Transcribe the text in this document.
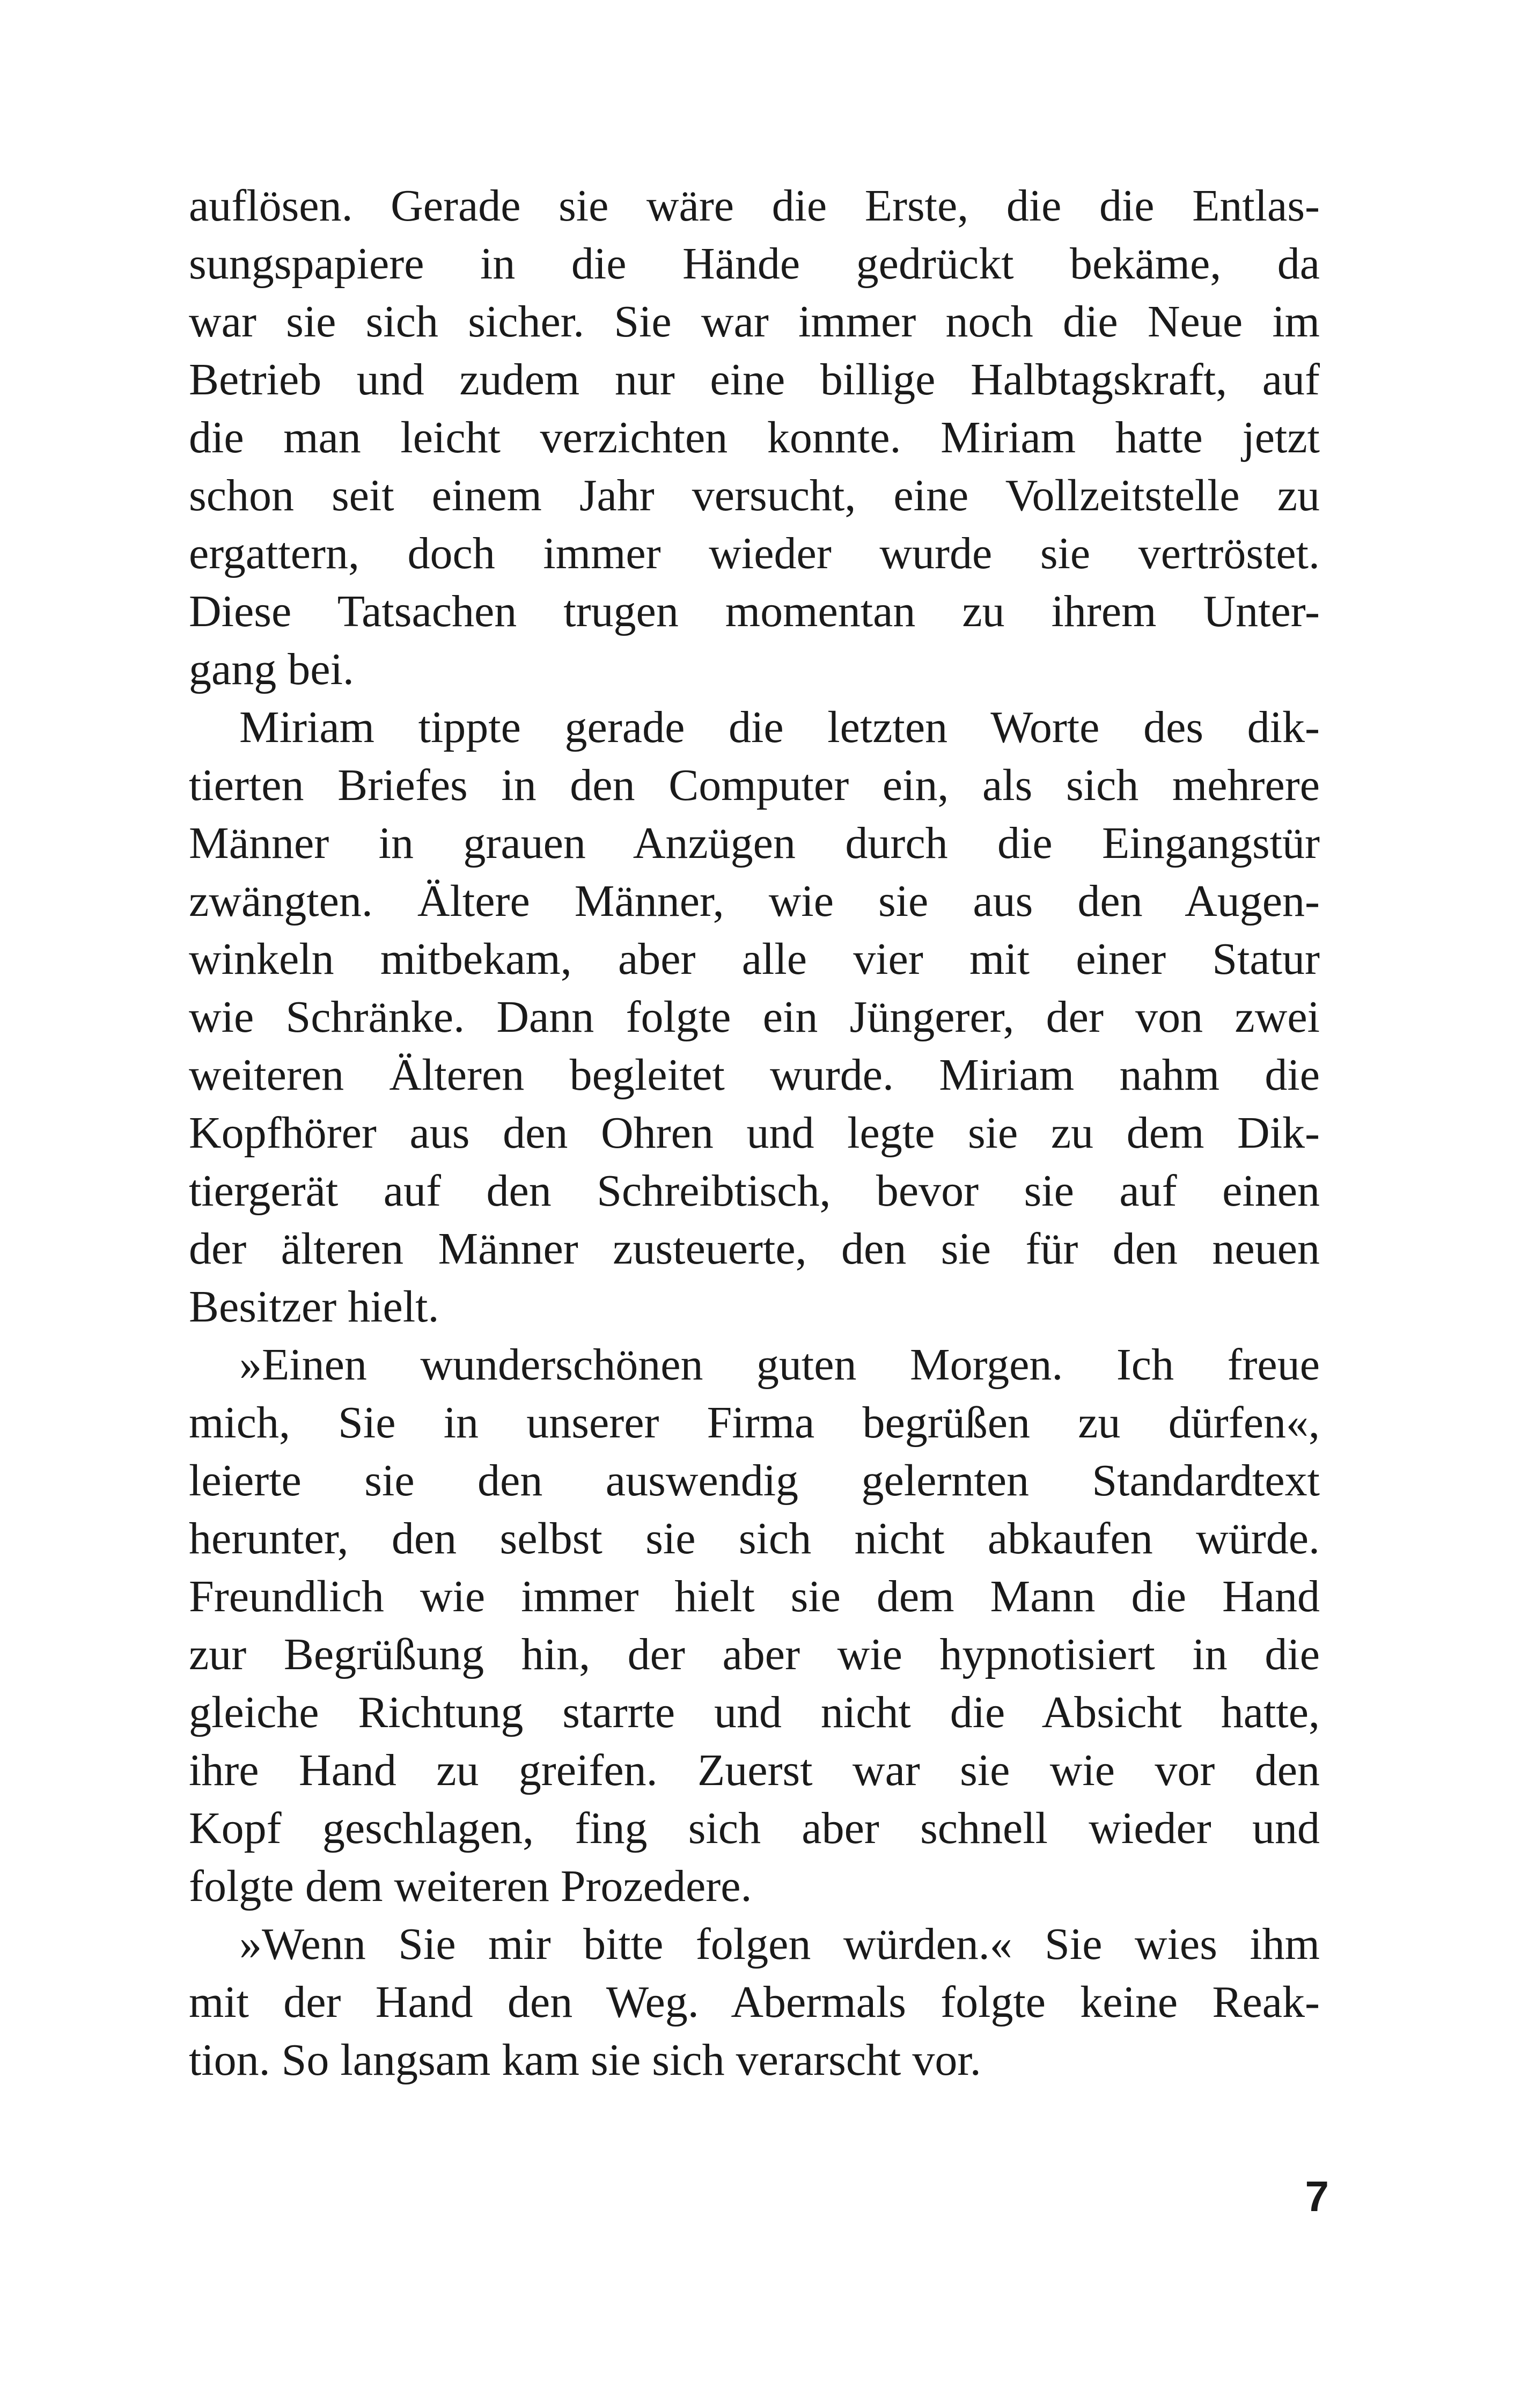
auflösen. Gerade sie wäre die Erste, die die Entlas-
sungspapiere in die Hände gedrückt bekäme, da
war sie sich sicher. Sie war immer noch die Neue im
Betrieb und zudem nur eine billige Halbtagskraft, auf
die man leicht verzichten konnte. Miriam hatte jetzt
schon seit einem Jahr versucht, eine Vollzeitstelle zu
ergattern, doch immer wieder wurde sie vertröstet.
Diese Tatsachen trugen momentan zu ihrem Unter-
gang bei.
Miriam tippte gerade die letzten Worte des dik-
tierten Briefes in den Computer ein, als sich mehrere
Männer in grauen Anzügen durch die Eingangstür
zwängten. Ältere Männer, wie sie aus den Augen-
winkeln mitbekam, aber alle vier mit einer Statur
wie Schränke. Dann folgte ein Jüngerer, der von zwei
weiteren Älteren begleitet wurde. Miriam nahm die
Kopfhörer aus den Ohren und legte sie zu dem Dik-
tiergerät auf den Schreibtisch, bevor sie auf einen
der älteren Männer zusteuerte, den sie für den neuen
Besitzer hielt.
»Einen wunderschönen guten Morgen. Ich freue
mich, Sie in unserer Firma begrüßen zu dürfen«,
leierte sie den auswendig gelernten Standardtext
herunter, den selbst sie sich nicht abkaufen würde.
Freundlich wie immer hielt sie dem Mann die Hand
zur Begrüßung hin, der aber wie hypnotisiert in die
gleiche Richtung starrte und nicht die Absicht hatte,
ihre Hand zu greifen. Zuerst war sie wie vor den
Kopf geschlagen, fing sich aber schnell wieder und
folgte dem weiteren Prozedere.
»Wenn Sie mir bitte folgen würden.« Sie wies ihm
mit der Hand den Weg. Abermals folgte keine Reak-
tion. So langsam kam sie sich verarscht vor.
7
